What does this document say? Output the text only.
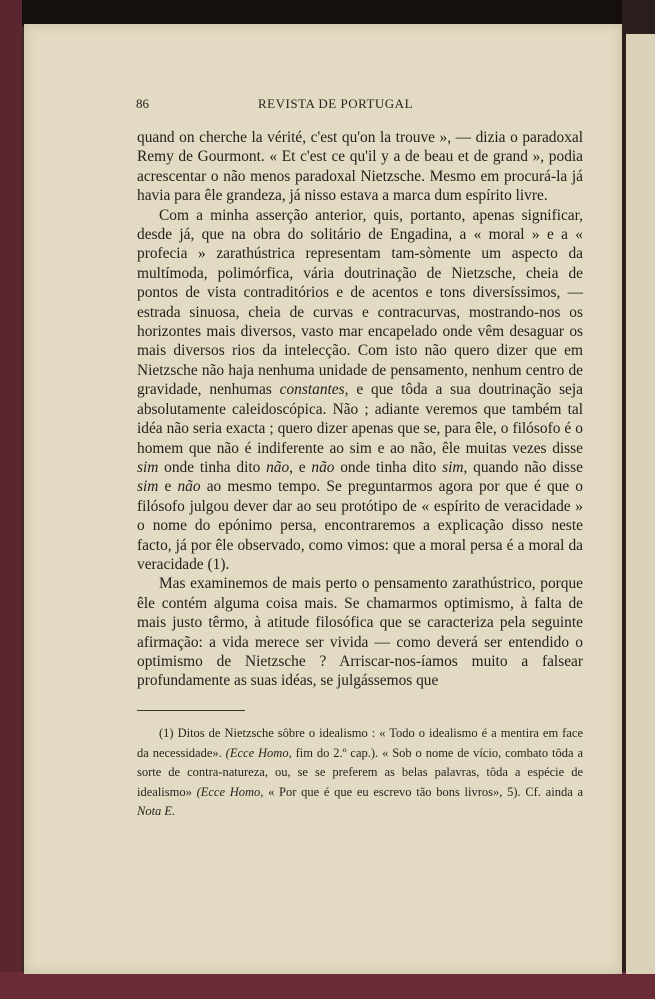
86	REVISTA DE PORTUGAL

quand on cherche la vérité, c'est qu'on la trouve », — dizia o paradoxal Remy de Gourmont. « Et c'est ce qu'il y a de beau et de grand », podia acrescentar o não menos paradoxal Nietzsche. Mesmo em procurá-la já havia para êle grandeza, já nisso estava a marca dum espírito livre.

Com a minha asserção anterior, quis, portanto, apenas significar, desde já, que na obra do solitário de Engadina, a « moral » e a « profecia » zarathústrica representam tam-sòmente um aspecto da multímoda, polimórfica, vária doutrinação de Nietzsche, cheia de pontos de vista contraditórios e de acentos e tons diversíssimos, — estrada sinuosa, cheia de curvas e contracurvas, mostrando-nos os horizontes mais diversos, vasto mar encapelado onde vêm desaguar os mais diversos rios da intelecção. Com isto não quero dizer que em Nietzsche não haja nenhuma unidade de pensamento, nenhum centro de gravidade, nenhumas constantes, e que tôda a sua doutrinação seja absolutamente caleidoscópica. Não ; adiante veremos que também tal idéa não seria exacta ; quero dizer apenas que se, para êle, o filósofo é o homem que não é indiferente ao sim e ao não, êle muitas vezes disse sim onde tinha dito não, e não onde tinha dito sim, quando não disse sim e não ao mesmo tempo. Se preguntarmos agora por que é que o filósofo julgou dever dar ao seu protótipo de « espírito de veracidade » o nome do epónimo persa, encontraremos a explicação disso neste facto, já por êle observado, como vimos: que a moral persa é a moral da veracidade (1).

Mas examinemos de mais perto o pensamento zarathústrico, porque êle contém alguma coisa mais. Se chamarmos optimismo, à falta de mais justo têrmo, à atitude filosófica que se caracteriza pela seguinte afirmação: a vida merece ser vivida — como deverá ser entendido o optimismo de Nietzsche ? Arriscar-nos-íamos muito a falsear profundamente as suas idéas, se julgássemos que

(1) Ditos de Nietzsche sôbre o idealismo : « Todo o idealismo é a mentira em face da necessidade». (Ecce Homo, fim do 2.º cap.). « Sob o nome de vício, combato tôda a sorte de contra-natureza, ou, se se preferem as belas palavras, tôda a espécie de idealismo» (Ecce Homo, « Por que é que eu escrevo tão bons livros», 5). Cf. ainda a Nota E.
